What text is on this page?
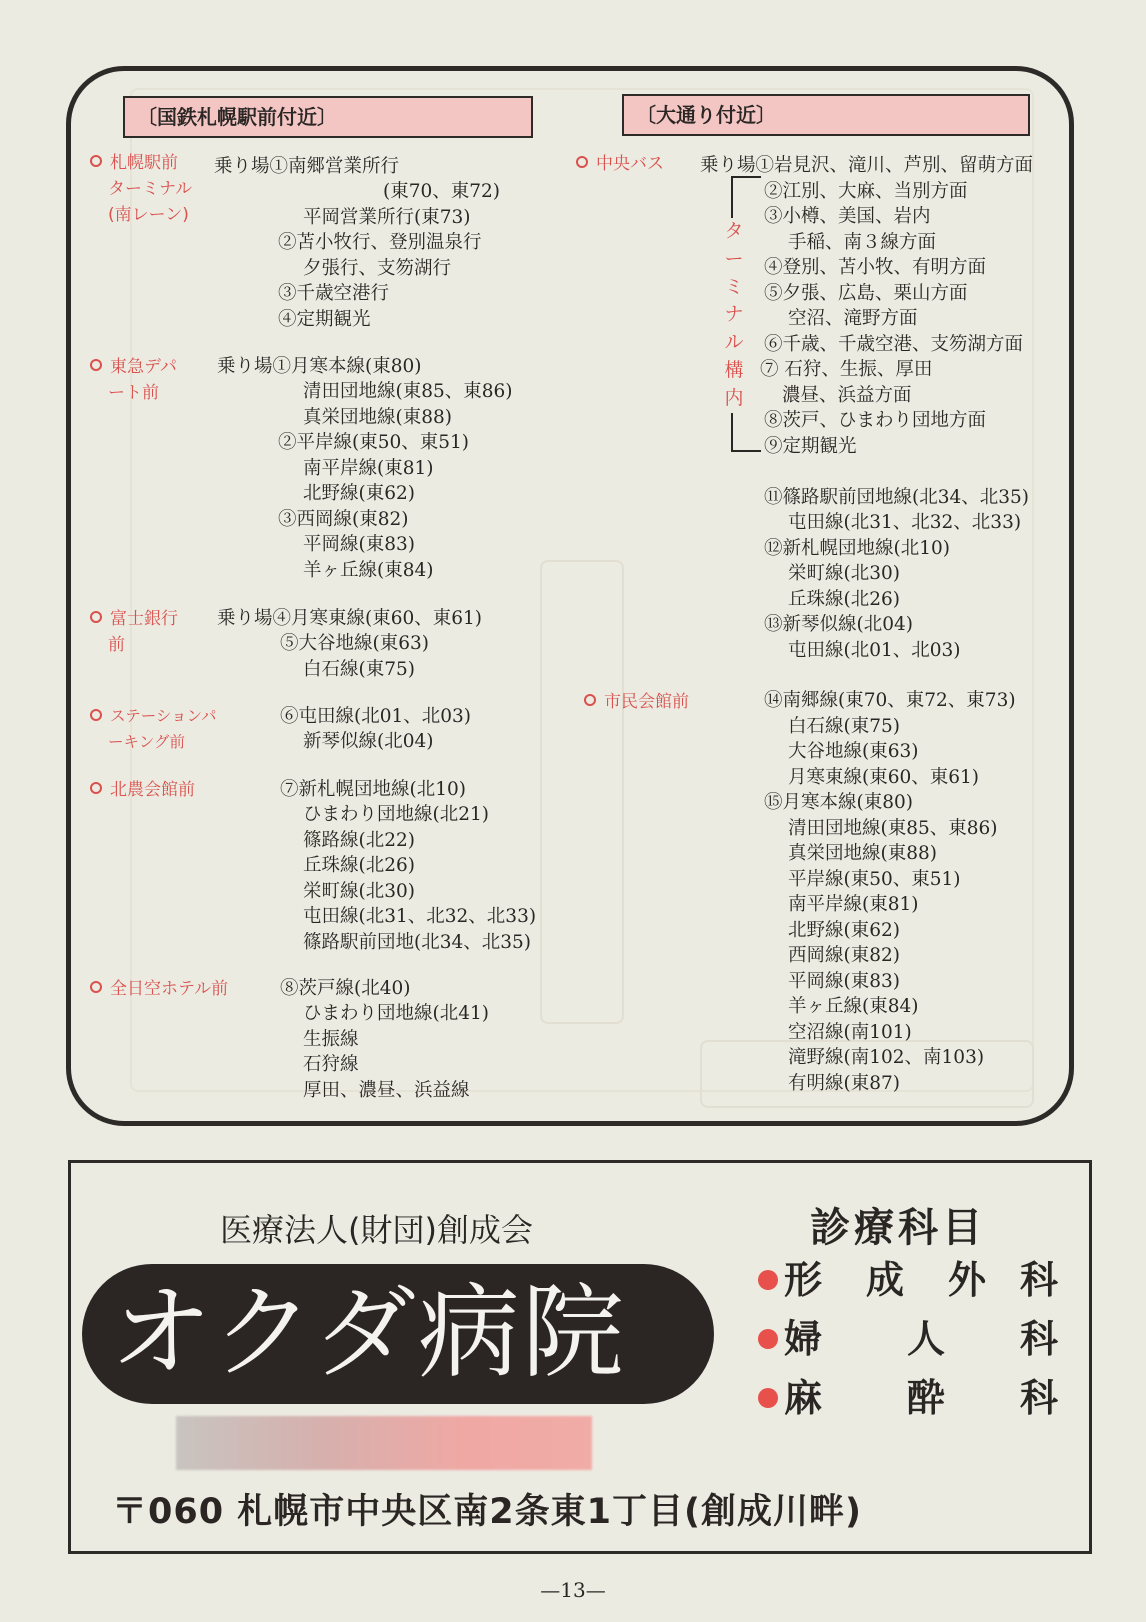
〔国鉄札幌駅前付近〕
札幌駅前
ターミナル
(南レーン)
乗り場①南郷営業所行
(東70、東72)
平岡営業所行(東73)
②苫小牧行、登別温泉行
夕張行、支笏湖行
③千歳空港行
④定期観光
東急デパ
ート前
乗り場①月寒本線(東80)
清田団地線(東85、東86)
真栄団地線(東88)
②平岸線(東50、東51)
南平岸線(東81)
北野線(東62)
③西岡線(東82)
平岡線(東83)
羊ヶ丘線(東84)
富士銀行
前
乗り場④月寒東線(東60、東61)
⑤大谷地線(東63)
白石線(東75)
ステーションパ
ーキング前
⑥屯田線(北01、北03)
新琴似線(北04)
北農会館前	⑦新札幌団地線(北10)
ひまわり団地線(北21)
篠路線(北22)
丘珠線(北26)
栄町線(北30)
屯田線(北31、北32、北33)
篠路駅前団地(北34、北35)
全日空ホテル前	⑧茨戸線(北40)
ひまわり団地線(北41)
生振線
石狩線
厚田、濃昼、浜益線
〔大通り付近〕
中央バス
ターミナル構内
乗り場①岩見沢、滝川、芦別、留萌方面
②江別、大麻、当別方面
③小樽、美国、岩内
手稲、南３線方面
④登別、苫小牧、有明方面
⑤夕張、広島、栗山方面
空沼、滝野方面
⑥千歳、千歳空港、支笏湖方面
⑦ 石狩、生振、厚田
濃昼、浜益方面
⑧茨戸、ひまわり団地方面
⑨定期観光
⑪篠路駅前団地線(北34、北35)
屯田線(北31、北32、北33)
⑫新札幌団地線(北10)
栄町線(北30)
丘珠線(北26)
⑬新琴似線(北04)
屯田線(北01、北03)
市民会館前	⑭南郷線(東70、東72、東73)
白石線(東75)
大谷地線(東63)
月寒東線(東60、東61)
⑮月寒本線(東80)
清田団地線(東85、東86)
真栄団地線(東88)
平岸線(東50、東51)
南平岸線(東81)
北野線(東62)
西岡線(東82)
平岡線(東83)
羊ヶ丘線(東84)
空沼線(南101)
滝野線(南102、南103)
有明線(東87)
医療法人(財団)創成会
オクダ病院
〒060 札幌市中央区南2条東1丁目(創成川畔)
診療科目
形 成 外 科
婦 人 科
麻 酔 科
—13—
